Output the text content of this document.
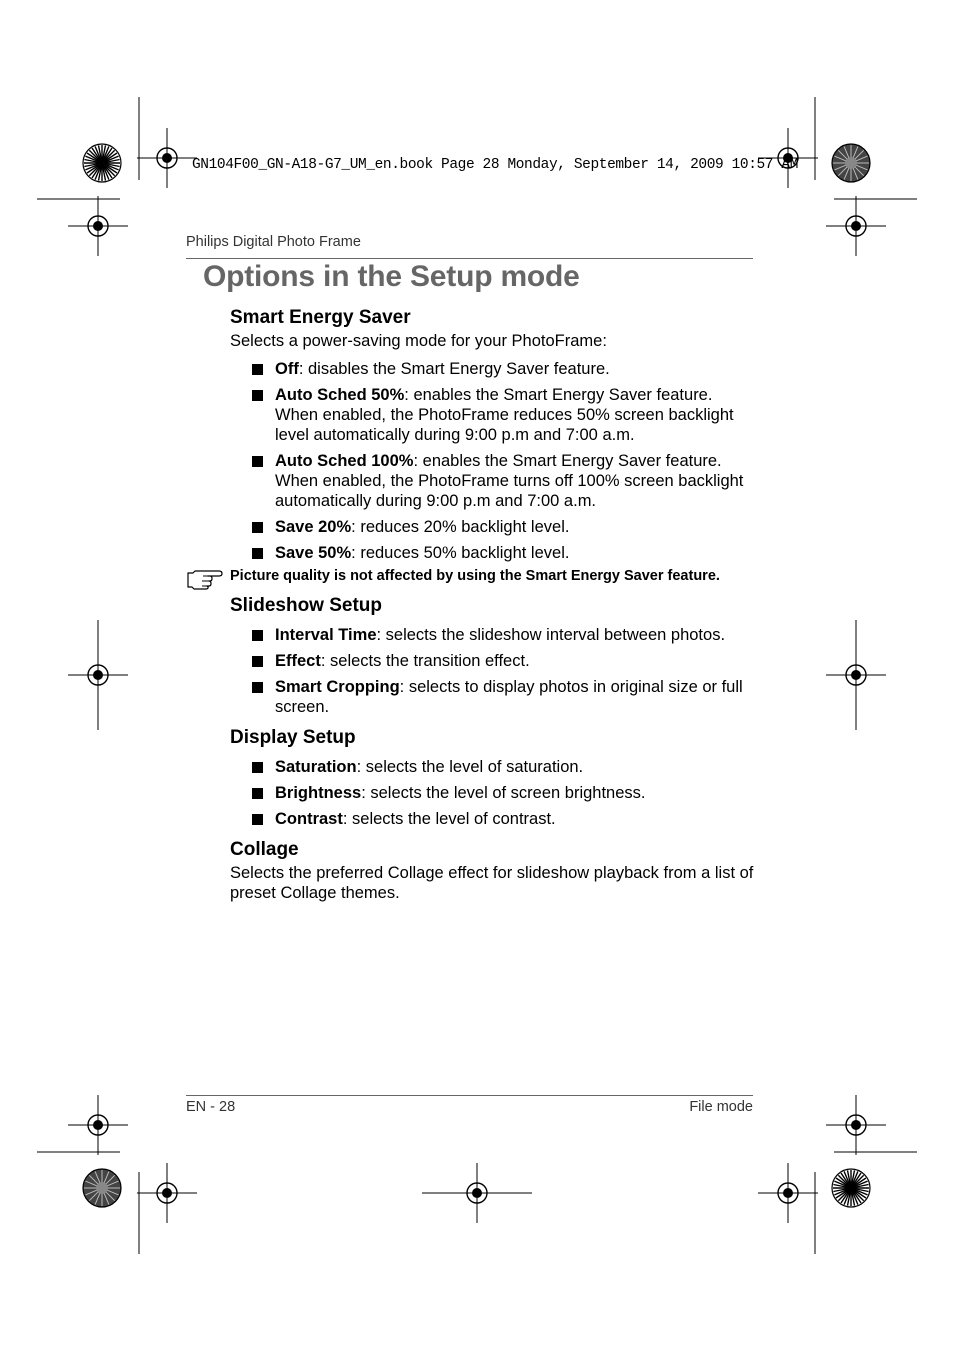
GN104F00_GN-A18-G7_UM_en.book Page 28 Monday, September 14, 2009 10:57 AM
Philips Digital Photo Frame
Options in the Setup mode
Smart Energy Saver

Selects a power-saving mode for your PhotoFrame:

Off: disables the Smart Energy Saver feature.
Auto Sched 50%: enables the Smart Energy Saver feature. When enabled, the PhotoFrame reduces 50% screen backlight level automatically during 9:00 p.m and 7:00 a.m.
Auto Sched 100%: enables the Smart Energy Saver feature. When enabled, the PhotoFrame turns off 100% screen backlight automatically during 9:00 p.m and 7:00 a.m.
Save 20%: reduces 20% backlight level.
Save 50%: reduces 50% backlight level.
Picture quality is not affected by using the Smart Energy Saver feature.
Slideshow Setup
Interval Time: selects the slideshow interval between photos.
Effect: selects the transition effect.
Smart Cropping: selects to display photos in original size or full screen.
Display Setup
Saturation: selects the level of saturation.
Brightness: selects the level of screen brightness.
Contrast: selects the level of contrast.
Collage

Selects the preferred Collage effect for slideshow playback from a list of preset Collage themes.

EN - 28	File mode
